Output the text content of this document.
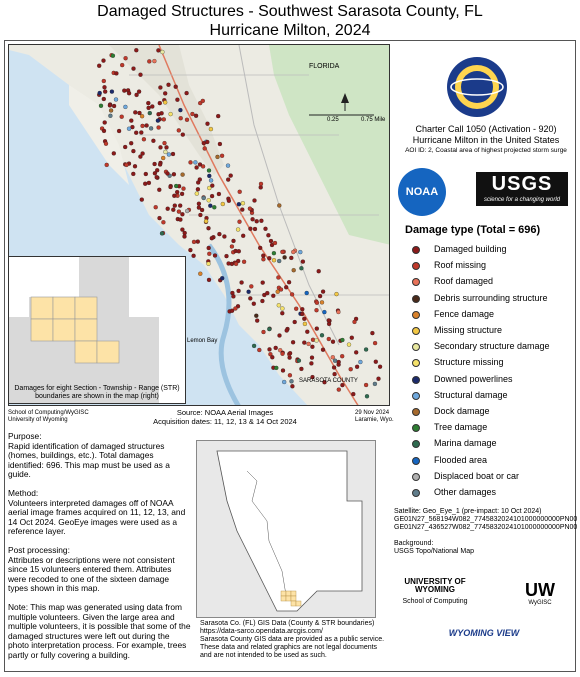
Damaged Structures - Southwest Sarasota County, FL
Hurricane Milton, 2024
FLORIDA
0.25	0.75 Mile
Lemon Bay
SARASOTA COUNTY
Damages for eight Section - Township - Range (STR) boundaries are shown in the map (right)
School of Computing/WyGISC
University of Wyoming
Source: NOAA Aerial Images
Acquisition dates: 11, 12, 13 & 14 Oct 2024
29 Nov 2024
Laramie, Wyo.
Charter Call 1050 (Activation - 920)
Hurricane Milton in the United States
AOI ID: 2, Coastal area of highest projected storm surge
NOAA	USGS
science for a changing world
Damage type (Total = 696)
Damaged building
Roof missing
Roof damaged
Debris surrounding structure
Fence damage
Missing structure
Secondary structure damage
Structure missing
Downed powerlines
Structural damage
Dock damage
Tree damage
Marina damage
Flooded area
Displaced boat or car
Other damages
Satellite: Geo_Eye_1 (pre-impact: 10 Oct 2024)
GE01N27_568194W082_7745832024101000000000PN00
GE01N27_436527W082_7745832024101000000000PN00
Background:
USGS Topo/National Map
UNIVERSITY OF WYOMING
School of Computing
UW
WyGISC
WYOMING VIEW

Purpose:
Rapid identification of damaged structures (homes, buildings, etc.). Total damages identified: 696. This map must be used as a guide.

Method:
Volunteers interpreted damages off of NOAA aerial image frames acquired on 11, 12, 13, and 14 Oct 2024. GeoEye images were used as a reference layer.

Post processing:
Attributes or descriptions were not consistent since 15 volunteers entered them. Attributes were recoded to one of the sixteen damage types shown in this map.

Note: This map was generated using data from multiple volunteers. Given the large area and multiple volunteers, it is possible that some of the damaged structures were left out during the photo interpretation process. For example, trees partly or fully covering a building.

Sarasota Co. (FL) GIS Data (County & STR boundaries)
https://data-sarco.opendata.arcgis.com/
Sarasota County GIS data are provided as a public service. These data and related graphics are not legal documents and are not intended to be used as such.
